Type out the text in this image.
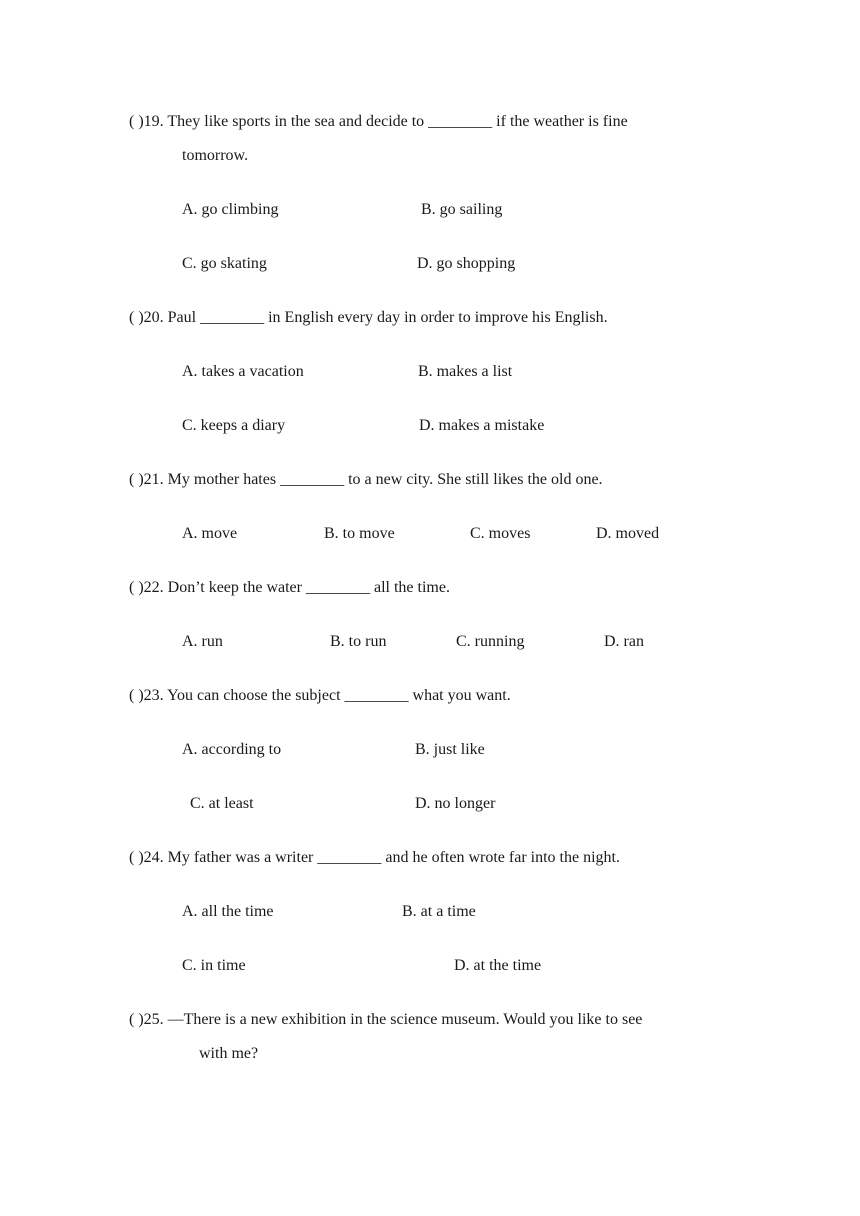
( )19. They like sports in the sea and decide to ________ if the weather is fine
tomorrow.
A. go climbing	B. go sailing
C. go skating	D. go shopping
( )20. Paul ________ in English every day in order to improve his English.
A. takes a vacation	B. makes a list
C. keeps a diary	D. makes a mistake
( )21. My mother hates ________ to a new city. She still likes the old one.
A. move	B. to move	C. moves	D. moved
( )22. Don’t keep the water ________ all the time.
A. run	B. to run	C. running	D. ran
( )23. You can choose the subject ________ what you want.
A. according to	B. just like
C. at least	D. no longer
( )24. My father was a writer ________ and he often wrote far into the night.
A. all the time	B. at a time
C. in time	D. at the time
( )25. —There is a new exhibition in the science museum. Would you like to see
with me?
